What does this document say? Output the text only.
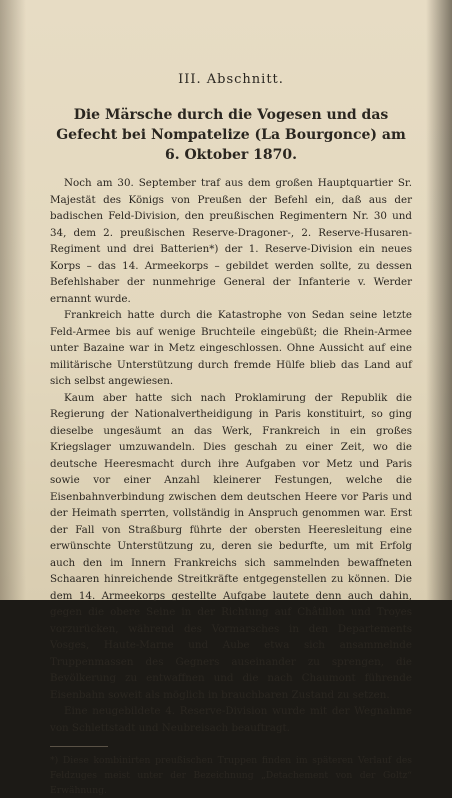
III. Abschnitt.
Die Märsche durch die Vogesen und das Gefecht bei Nompatelize (La Bourgonce) am 6. Oktober 1870.
Noch am 30. September traf aus dem großen Hauptquartier Sr. Majestät des Königs von Preußen der Befehl ein, daß aus der badischen Feld-Division, den preußischen Regimentern Nr. 30 und 34, dem 2. preußischen Reserve-Dragoner-, 2. Reserve-Husaren-Regiment und drei Batterien*) der 1. Reserve-Division ein neues Korps – das 14. Armeekorps – gebildet werden sollte, zu dessen Befehlshaber der nunmehrige General der Infanterie v. Werder ernannt wurde.
Frankreich hatte durch die Katastrophe von Sedan seine letzte Feld-Armee bis auf wenige Bruchteile eingebüßt; die Rhein-Armee unter Bazaine war in Metz eingeschlossen. Ohne Aussicht auf eine militärische Unterstützung durch fremde Hülfe blieb das Land auf sich selbst angewiesen.
Kaum aber hatte sich nach Proklamirung der Republik die Regierung der Nationalvertheidigung in Paris konstituirt, so ging dieselbe ungesäumt an das Werk, Frankreich in ein großes Kriegslager umzuwandeln. Dies geschah zu einer Zeit, wo die deutsche Heeresmacht durch ihre Aufgaben vor Metz und Paris sowie vor einer Anzahl kleinerer Festungen, welche die Eisenbahnverbindung zwischen dem deutschen Heere vor Paris und der Heimath sperrten, vollständig in Anspruch genommen war. Erst der Fall von Straßburg führte der obersten Heeresleitung eine erwünschte Unterstützung zu, deren sie bedurfte, um mit Erfolg auch den im Innern Frankreichs sich sammelnden bewaffneten Schaaren hinreichende Streitkräfte entgegenstellen zu können. Die dem 14. Armeekorps gestellte Aufgabe lautete denn auch dahin, gegen die obere Seine in der Richtung auf Châtillon und Troyes vorzurücken, während des Vormarsches in den Departements Vosges, Haute-Marne und Aube etwa sich ansammelnde Truppenmassen des Gegners auseinander zu sprengen, die Bevölkerung zu entwaffnen und die nach Chaumont führende Eisenbahn soweit als möglich in brauchbaren Zustand zu setzen.
Eine neugebildete 4. Reserve-Division wurde mit der Wegnahme von Schlettstadt und Neubreisach beauftragt.
*) Diese kombinirten preußischen Truppen finden im späteren Verlauf des Feldzuges meist unter der Bezeichnung „Detachement von der Goltz“ Erwähnung.
